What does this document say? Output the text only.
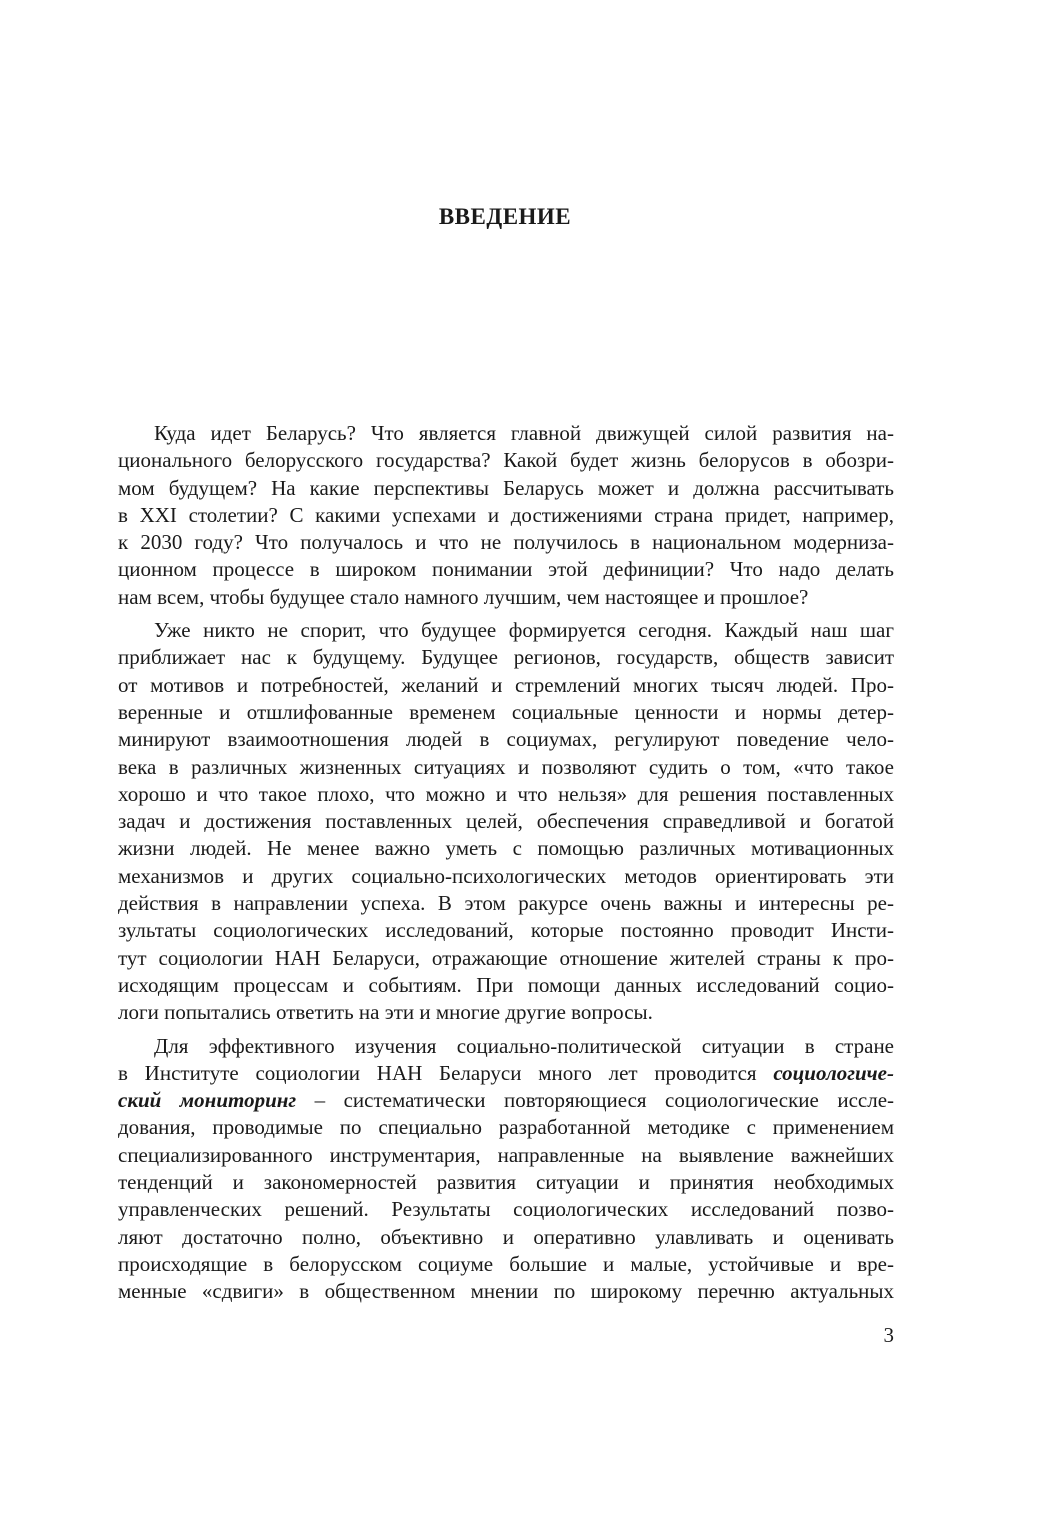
ВВЕДЕНИЕ

Куда идет Беларусь? Что является главной движущей силой развития на-
ционального белорусского государства? Какой будет жизнь белорусов в обозри-
мом будущем? На какие перспективы Беларусь может и должна рассчитывать
в XXI столетии? С какими успехами и достижениями страна придет, например,
к 2030 году? Что получалось и что не получилось в национальном модерниза-
ционном процессе в широком понимании этой дефиниции? Что надо делать
нам всем, чтобы будущее стало намного лучшим, чем настоящее и прошлое?

Уже никто не спорит, что будущее формируется сегодня. Каждый наш шаг
приближает нас к будущему. Будущее регионов, государств, обществ зависит
от мотивов и потребностей, желаний и стремлений многих тысяч людей. Про-
веренные и отшлифованные временем социальные ценности и нормы детер-
минируют взаимоотношения людей в социумах, регулируют поведение чело-
века в различных жизненных ситуациях и позволяют судить о том, «что такое
хорошо и что такое плохо, что можно и что нельзя» для решения поставленных
задач и достижения поставленных целей, обеспечения справедливой и богатой
жизни людей. Не менее важно уметь с помощью различных мотивационных
механизмов и других социально-психологических методов ориентировать эти
действия в направлении успеха. В этом ракурсе очень важны и интересны ре-
зультаты социологических исследований, которые постоянно проводит Инсти-
тут социологии НАН Беларуси, отражающие отношение жителей страны к про-
исходящим процессам и событиям. При помощи данных исследований социо-
логи попытались ответить на эти и многие другие вопросы.

Для эффективного изучения социально-политической ситуации в стране
в Институте социологии НАН Беларуси много лет проводится социологиче-
ский мониторинг – систематически повторяющиеся социологические иссле-
дования, проводимые по специально разработанной методике с применением
специализированного инструментария, направленные на выявление важнейших
тенденций и закономерностей развития ситуации и принятия необходимых
управленческих решений. Результаты социологических исследований позво-
ляют достаточно полно, объективно и оперативно улавливать и оценивать
происходящие в белорусском социуме большие и малые, устойчивые и вре-
менные «сдвиги» в общественном мнении по широкому перечню актуальных

3
